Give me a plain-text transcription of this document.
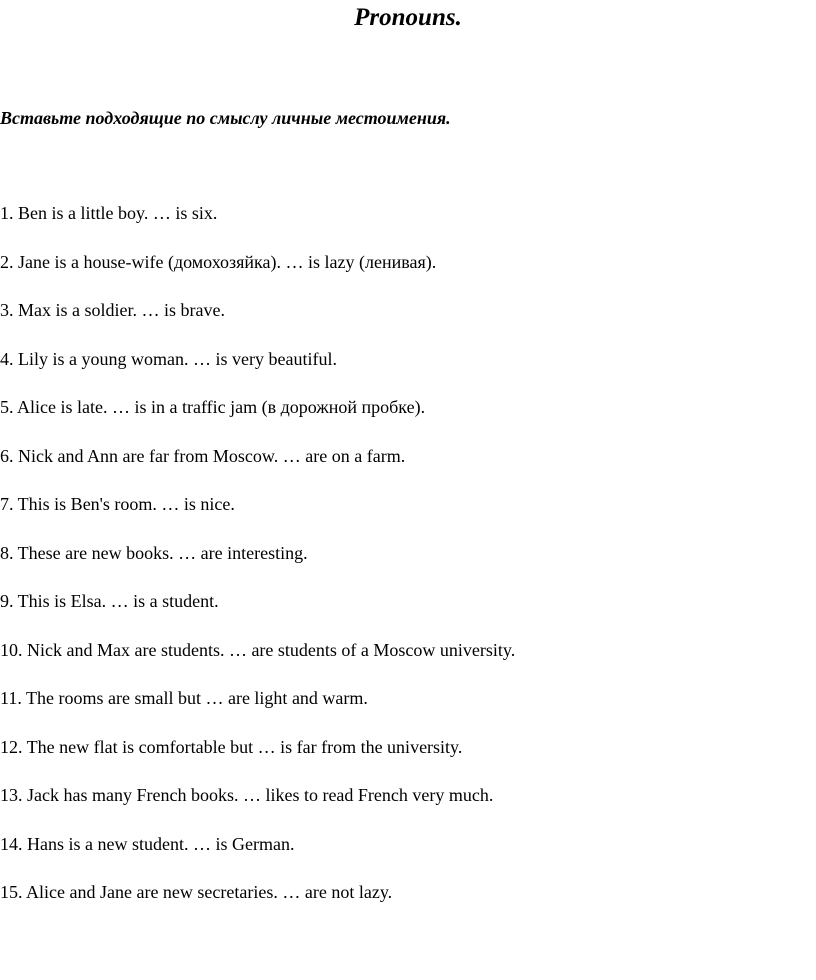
Pronouns.

Вставьте подходящие по смыслу личные местоимения.

1. Ben is a little boy. … is six.
2. Jane is a house-wife (домохозяйка). … is lazy (ленивая).
3. Max is a soldier. … is brave.
4. Lily is a young woman. … is very beautiful.
5. Alice is late. … is in a traffic jam (в дорожной пробке).
6. Nick and Ann are far from Moscow. … are on a farm.
7. This is Ben's room. … is nice.
8. These are new books. … are interesting.
9. This is Elsa. … is a student.
10. Nick and Max are students. … are students of a Moscow university.
11. The rooms are small but … are light and warm.
12. The new flat is comfortable but … is far from the university.
13. Jack has many French books. … likes to read French very much.
14. Hans is a new student. … is German.
15. Alice and Jane are new secretaries. … are not lazy.
